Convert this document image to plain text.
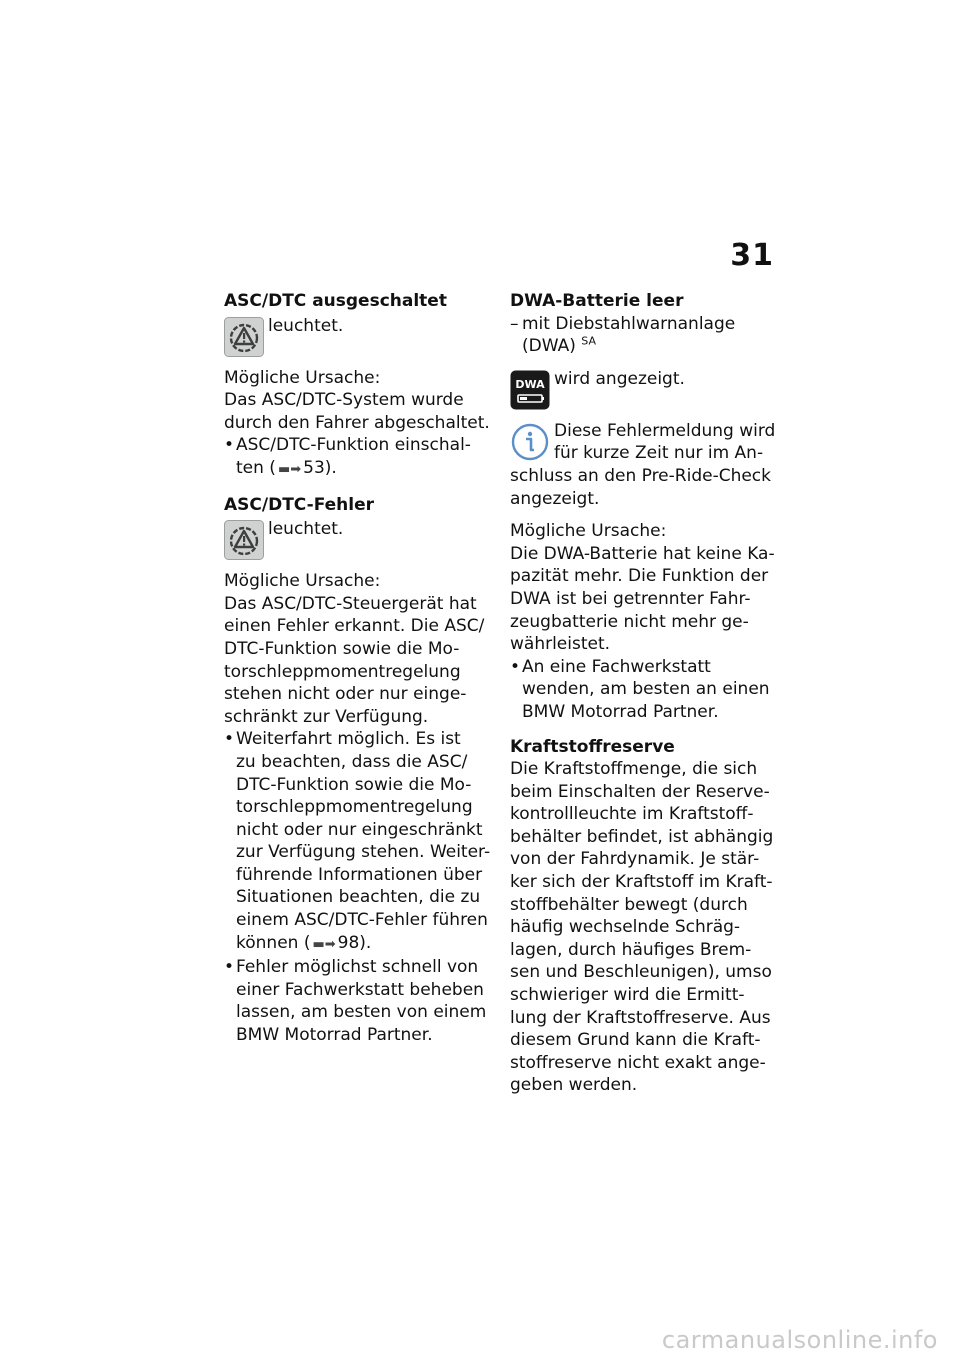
31

ASC/DTC ausgeschaltet

leuchtet.

Mögliche Ursache:

Das ASC/DTC-System wurde

durch den Fahrer abgeschaltet.

• ASC/DTC-Funktion einschal-
ten ( ▬➡ 53).

ASC/DTC-Fehler

leuchtet.

Mögliche Ursache:

Das ASC/DTC-Steuergerät hat

einen Fehler erkannt. Die ASC/

DTC-Funktion sowie die Mo-

torschleppmomentregelung

stehen nicht oder nur einge-

schränkt zur Verfügung.

• Weiterfahrt möglich. Es ist
zu beachten, dass die ASC/
DTC-Funktion sowie die Mo-
torschleppmomentregelung
nicht oder nur eingeschränkt
zur Verfügung stehen. Weiter-
führende Informationen über
Situationen beachten, die zu
einem ASC/DTC-Fehler führen
können ( ▬➡ 98).
• Fehler möglichst schnell von
einer Fachwerkstatt beheben
lassen, am besten von einem
BMW Motorrad Partner.

DWA-Batterie leer

– mit Diebstahlwarnanlage
(DWA) $^{SA}$
DWA wird angezeigt.
Diese Fehlermeldung wird
für kurze Zeit nur im An-

schluss an den Pre-Ride-Check

angezeigt.

Mögliche Ursache:

Die DWA-Batterie hat keine Ka-

pazität mehr. Die Funktion der

DWA ist bei getrennter Fahr-

zeugbatterie nicht mehr ge-

währleistet.

• An eine Fachwerkstatt
wenden, am besten an einen
BMW Motorrad Partner.

Kraftstoffreserve

Die Kraftstoffmenge, die sich

beim Einschalten der Reserve-

kontrollleuchte im Kraftstoff-

behälter befindet, ist abhängig

von der Fahrdynamik. Je stär-

ker sich der Kraftstoff im Kraft-

stoffbehälter bewegt (durch

häufig wechselnde Schräg-

lagen, durch häufiges Brem-

sen und Beschleunigen), umso

schwieriger wird die Ermitt-

lung der Kraftstoffreserve. Aus

diesem Grund kann die Kraft-

stoffreserve nicht exakt ange-

geben werden.

carmanualsonline.info
